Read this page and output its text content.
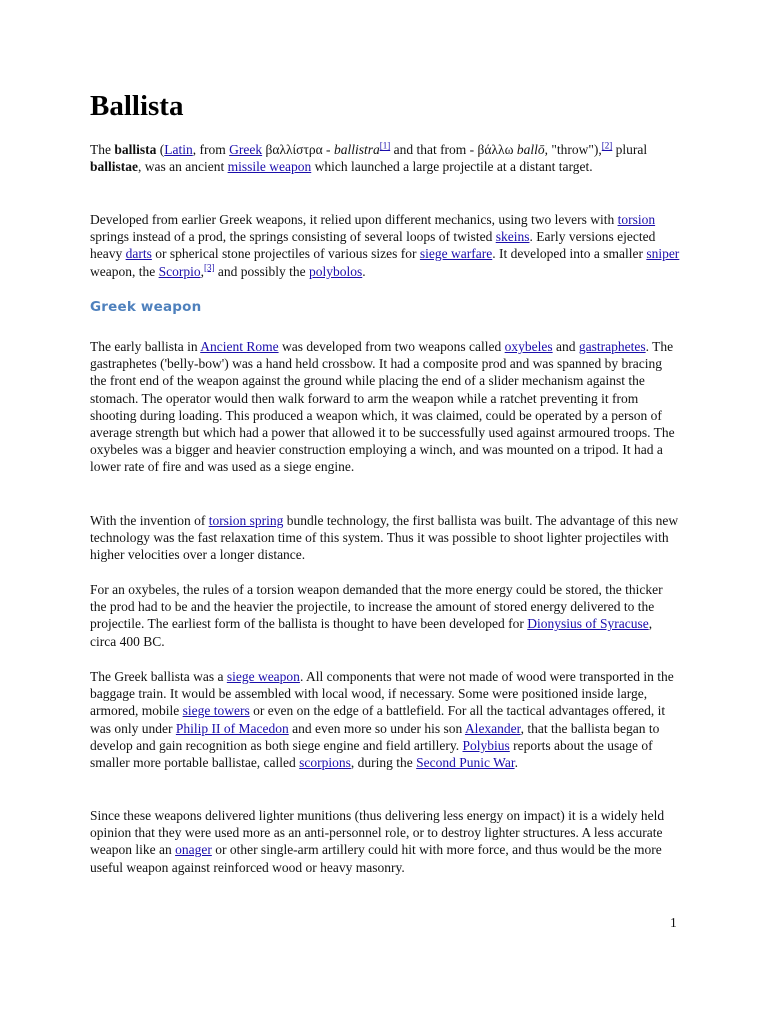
Ballista

The ballista (Latin, from Greek βαλλίστρα - ballistra[1] and that from - βάλλω ballō, "throw"),[2] plural ballistae, was an ancient missile weapon which launched a large projectile at a distant target.

Developed from earlier Greek weapons, it relied upon different mechanics, using two levers with torsion springs instead of a prod, the springs consisting of several loops of twisted skeins. Early versions ejected heavy darts or spherical stone projectiles of various sizes for siege warfare. It developed into a smaller sniper weapon, the Scorpio,[3] and possibly the polybolos.

Greek weapon

The early ballista in Ancient Rome was developed from two weapons called oxybeles and gastraphetes. The gastraphetes ('belly-bow') was a hand held crossbow. It had a composite prod and was spanned by bracing the front end of the weapon against the ground while placing the end of a slider mechanism against the stomach. The operator would then walk forward to arm the weapon while a ratchet preventing it from shooting during loading. This produced a weapon which, it was claimed, could be operated by a person of average strength but which had a power that allowed it to be successfully used against armoured troops. The oxybeles was a bigger and heavier construction employing a winch, and was mounted on a tripod. It had a lower rate of fire and was used as a siege engine.

With the invention of torsion spring bundle technology, the first ballista was built. The advantage of this new technology was the fast relaxation time of this system. Thus it was possible to shoot lighter projectiles with higher velocities over a longer distance.

For an oxybeles, the rules of a torsion weapon demanded that the more energy could be stored, the thicker the prod had to be and the heavier the projectile, to increase the amount of stored energy delivered to the projectile. The earliest form of the ballista is thought to have been developed for Dionysius of Syracuse, circa 400 BC.

The Greek ballista was a siege weapon. All components that were not made of wood were transported in the baggage train. It would be assembled with local wood, if necessary. Some were positioned inside large, armored, mobile siege towers or even on the edge of a battlefield. For all the tactical advantages offered, it was only under Philip II of Macedon and even more so under his son Alexander, that the ballista began to develop and gain recognition as both siege engine and field artillery. Polybius reports about the usage of smaller more portable ballistae, called scorpions, during the Second Punic War.

Since these weapons delivered lighter munitions (thus delivering less energy on impact) it is a widely held opinion that they were used more as an anti-personnel role, or to destroy lighter structures. A less accurate weapon like an onager or other single-arm artillery could hit with more force, and thus would be the more useful weapon against reinforced wood or heavy masonry.

1
